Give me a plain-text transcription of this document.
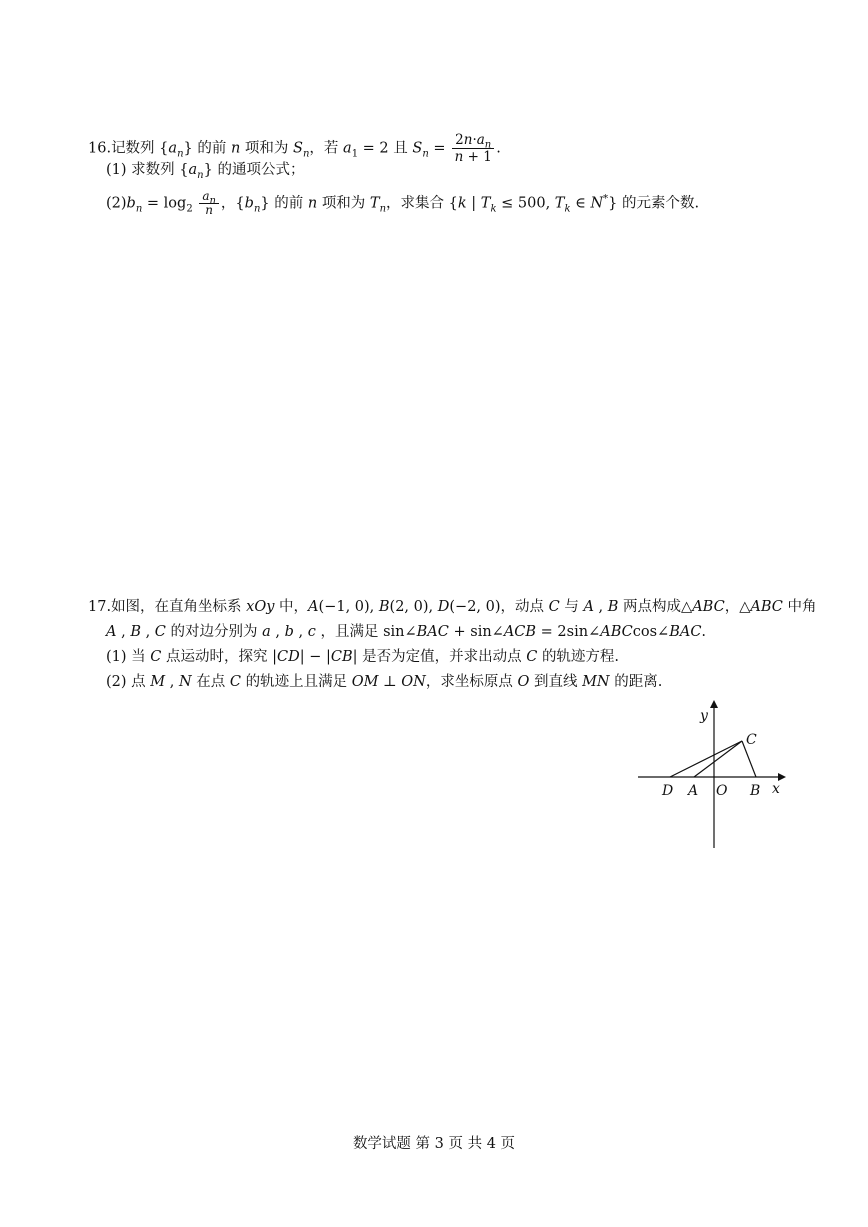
16.记数列 $\{a_n\}$ 的前 n 项和为 $S_n$，若 $a_1 = 2$ 且 $S_n = \frac{2n\cdot a_n}{n + 1}$ .
(1) 求数列 $\{a_n\}$ 的通项公式；
$(2)b_n = \log_2 \frac{a_n}{n}$ ，$\{b_n\}$ 的前 n 项和为 $T_n$，求集合 {k | $T_k \le 500$, $T_k$ ∈ N*} 的元素个数.
17.如图，在直角坐标系 xOy 中，A(−1, 0), B(2, 0), D(−2, 0)，动点 C 与 A , B 两点构成△ABC，△ABC 中角
A , B , C 的对边分别为 a , b , c ，且满足 sin∠BAC + sin∠ACB = 2sin∠ABCcos∠BAC.
(1) 当 C 点运动时，探究 |CD| − |CB| 是否为定值，并求出动点 C 的轨迹方程.
(2) 点 M , N 在点 C 的轨迹上且满足 OM ⊥ ON，求坐标原点 O 到直线 MN 的距离.
y
x
C
D A O B
数学试题 第 3 页 共 4 页
